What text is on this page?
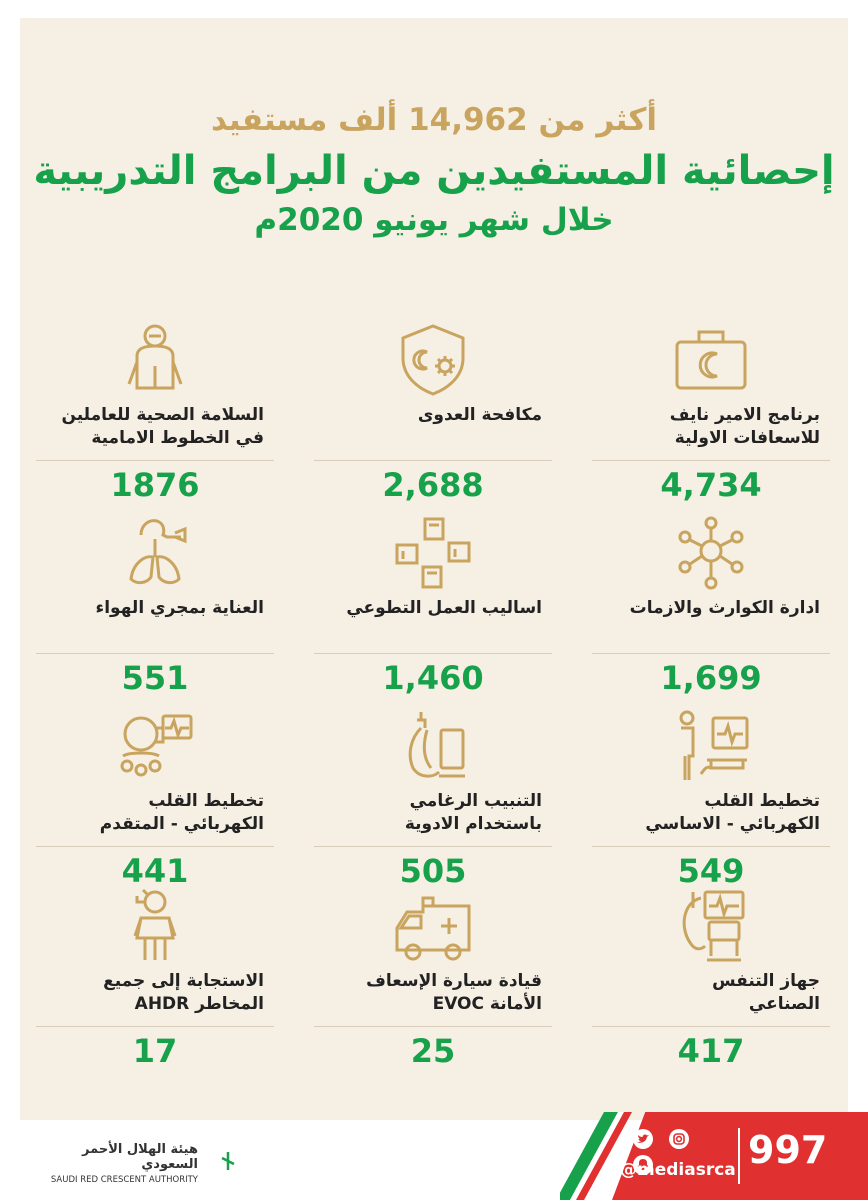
أكثر من 14,962 ألف مستفيد
إحصائية المستفيدين من البرامج التدريبية
خلال شهر يونيو 2020م
برنامج الامير نايف
للاسعافات الاولية
4,734
مكافحة العدوى
2,688
السلامة الصحية للعاملين
في الخطوط الامامية
1876
ادارة الكوارث والازمات
1,699
اساليب العمل التطوعي
1,460
العناية بمجري الهواء
551
تخطيط القلب
الكهربائي - الاساسي
549
التنبيب الرغامي
باستخدام الادوية
505
تخطيط القلب
الكهربائي - المتقدم
441
جهاز التنفس
الصناعي
417
قيادة سيارة الإسعاف
الأمانة EVOC
25
الاستجابة إلى جميع
المخاطر AHDR
17
هيئة الهلال الأحمر السعودي
SAUDI RED CRESCENT AUTHORITY
997

@mediasrca
